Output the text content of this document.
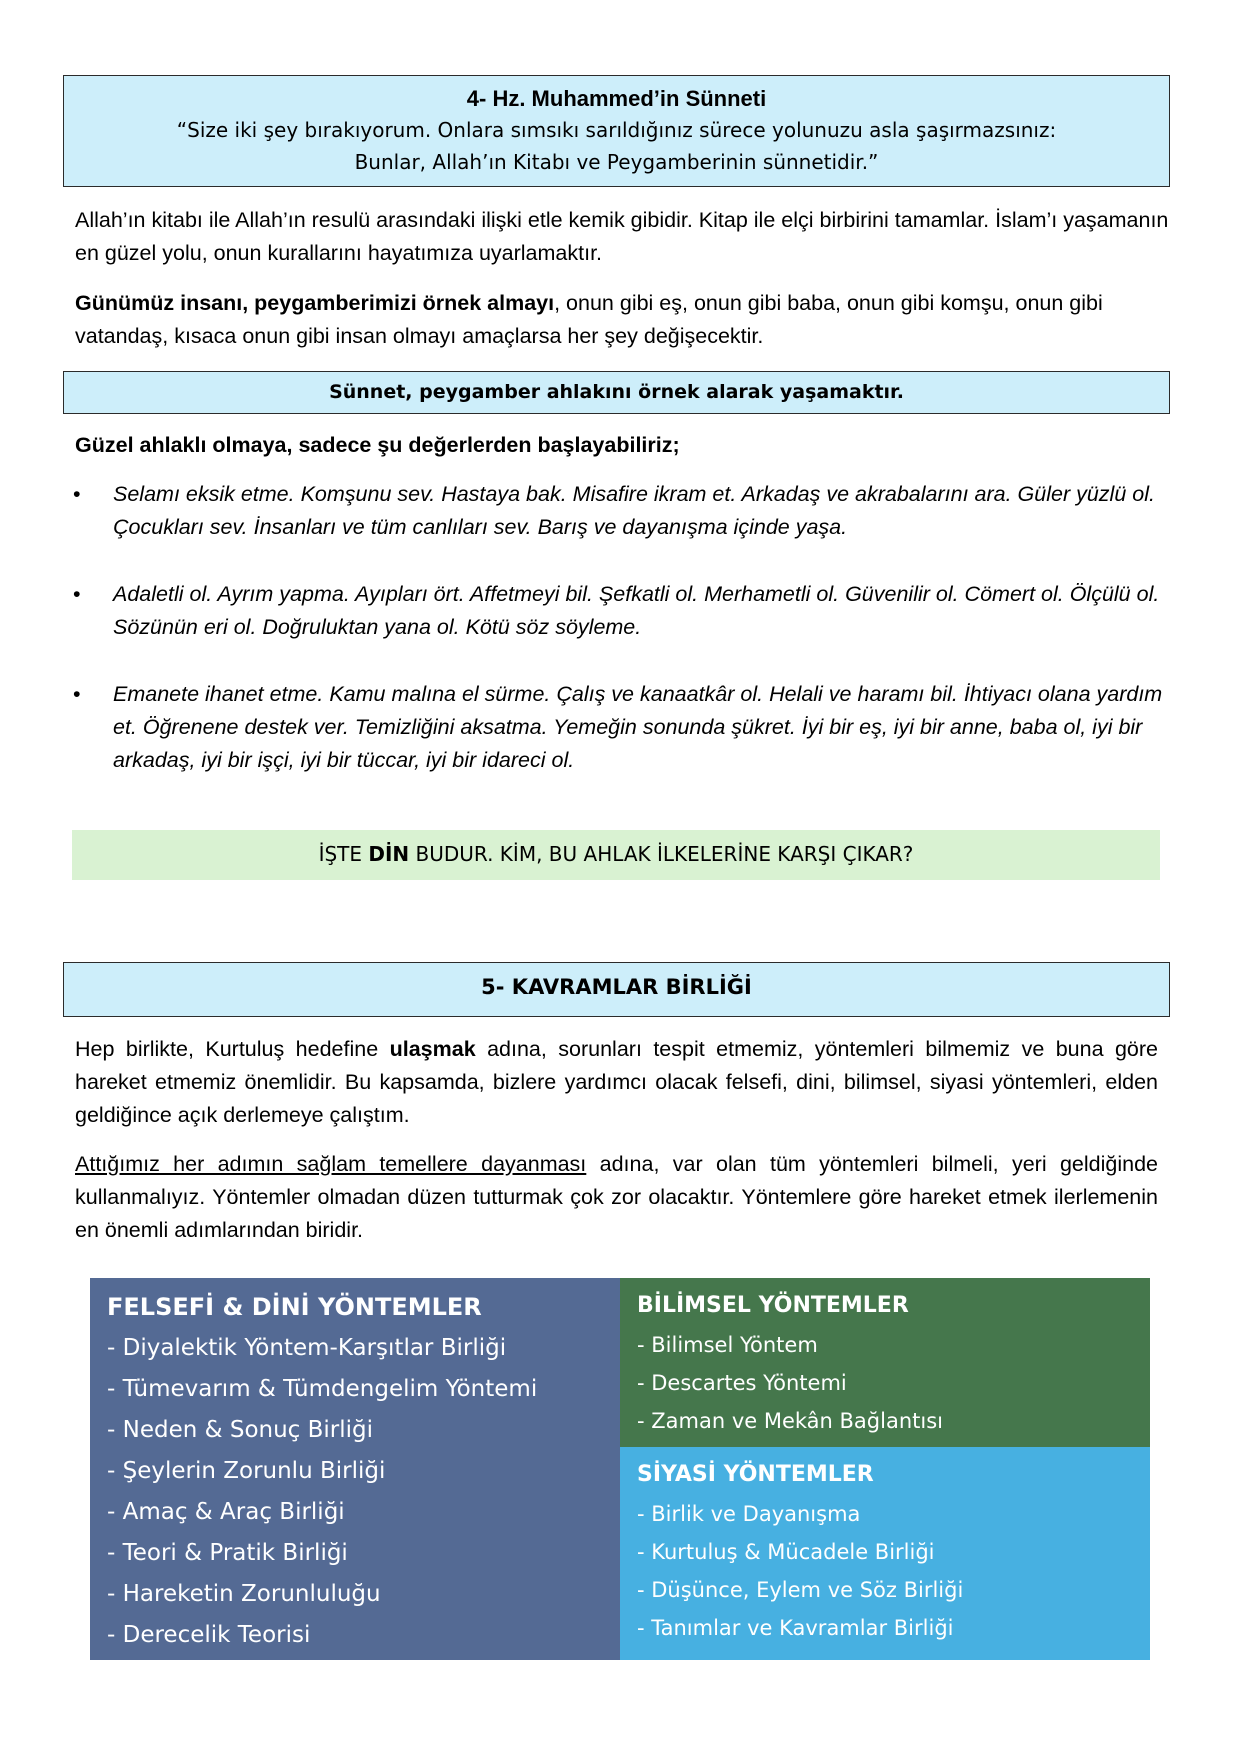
4- Hz. Muhammed’in Sünneti
“Size iki şey bırakıyorum. Onlara sımsıkı sarıldığınız sürece yolunuzu asla şaşırmazsınız:
Bunlar, Allah’ın Kitabı ve Peygamberinin sünnetidir.”

Allah’ın kitabı ile Allah’ın resulü arasındaki ilişki etle kemik gibidir. Kitap ile elçi birbirini tamamlar. İslam’ı yaşamanın en güzel yolu, onun kurallarını hayatımıza uyarlamaktır.

Günümüz insanı, peygamberimizi örnek almayı, onun gibi eş, onun gibi baba, onun gibi komşu, onun gibi vatandaş, kısaca onun gibi insan olmayı amaçlarsa her şey değişecektir.

Sünnet, peygamber ahlakını örnek alarak yaşamaktır.
Güzel ahlaklı olmaya, sadece şu değerlerden başlayabiliriz;
• Selamı eksik etme. Komşunu sev. Hastaya bak. Misafire ikram et. Arkadaş ve akrabalarını ara. Güler yüzlü ol. Çocukları sev. İnsanları ve tüm canlıları sev. Barış ve dayanışma içinde yaşa.
• Adaletli ol. Ayrım yapma. Ayıpları ört. Affetmeyi bil. Şefkatli ol. Merhametli ol. Güvenilir ol. Cömert ol. Ölçülü ol. Sözünün eri ol. Doğruluktan yana ol. Kötü söz söyleme.
• Emanete ihanet etme. Kamu malına el sürme. Çalış ve kanaatkâr ol. Helali ve haramı bil. İhtiyacı olana yardım et. Öğrenene destek ver. Temizliğini aksatma. Yemeğin sonunda şükret. İyi bir eş, iyi bir anne, baba ol, iyi bir arkadaş, iyi bir işçi, iyi bir tüccar, iyi bir idareci ol.
İŞTE DİN BUDUR. KİM, BU AHLAK İLKELERİNE KARŞI ÇIKAR?
5- KAVRAMLAR BİRLİĞİ

Hep birlikte, Kurtuluş hedefine ulaşmak adına, sorunları tespit etmemiz, yöntemleri bilmemiz ve buna göre hareket etmemiz önemlidir. Bu kapsamda, bizlere yardımcı olacak felsefi, dini, bilimsel, siyasi yöntemleri, elden geldiğince açık derlemeye çalıştım.

Attığımız her adımın sağlam temellere dayanması adına, var olan tüm yöntemleri bilmeli, yeri geldiğinde kullanmalıyız. Yöntemler olmadan düzen tutturmak çok zor olacaktır. Yöntemlere göre hareket etmek ilerlemenin en önemli adımlarından biridir.

FELSEFİ & DİNİ YÖNTEMLER
- Diyalektik Yöntem-Karşıtlar Birliği
- Tümevarım & Tümdengelim Yöntemi
- Neden & Sonuç Birliği
- Şeylerin Zorunlu Birliği
- Amaç & Araç Birliği
- Teori & Pratik Birliği
- Hareketin Zorunluluğu
- Derecelik Teorisi
BİLİMSEL YÖNTEMLER
- Bilimsel Yöntem
- Descartes Yöntemi
- Zaman ve Mekân Bağlantısı
SİYASİ YÖNTEMLER
- Birlik ve Dayanışma
- Kurtuluş & Mücadele Birliği
- Düşünce, Eylem ve Söz Birliği
- Tanımlar ve Kavramlar Birliği
